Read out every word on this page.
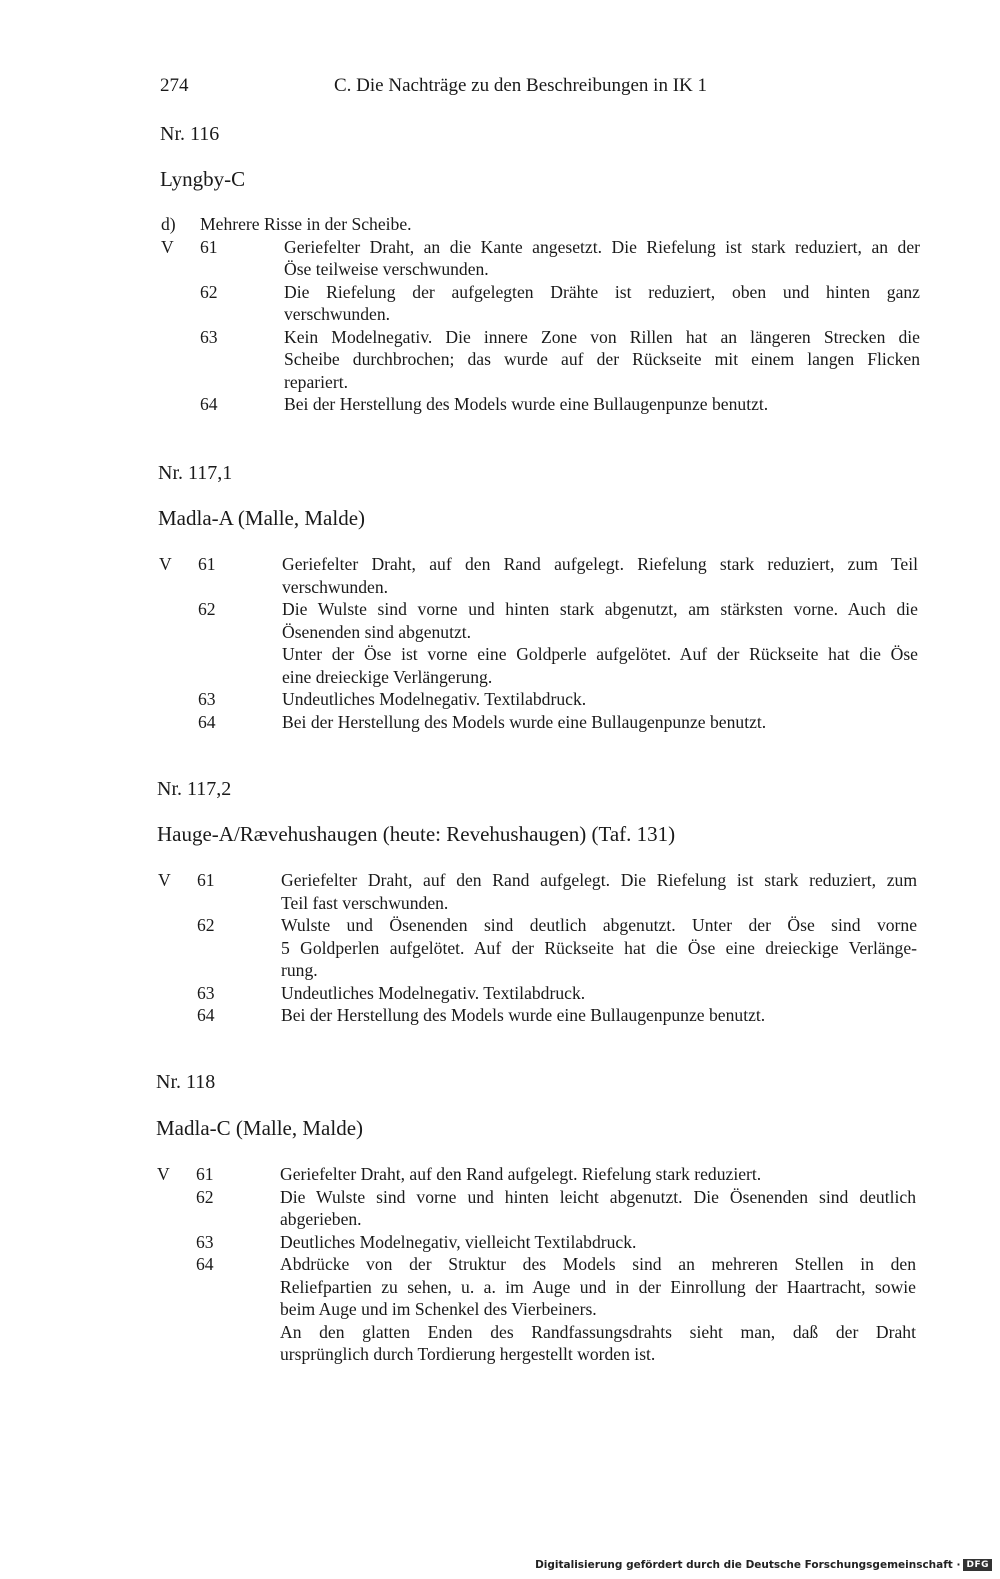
274	C. Die Nachträge zu den Beschreibungen in IK 1
Nr. 116
Lyngby-C
d) Mehrere Risse in der Scheibe.
V 61	Geriefelter Draht, an die Kante angesetzt. Die Riefelung ist stark reduziert, an der
Öse teilweise verschwunden.
62	Die Riefelung der aufgelegten Drähte ist reduziert, oben und hinten ganz
verschwunden.
63	Kein Modelnegativ. Die innere Zone von Rillen hat an längeren Strecken die
Scheibe durchbrochen; das wurde auf der Rückseite mit einem langen Flicken
repariert.
64	Bei der Herstellung des Models wurde eine Bullaugenpunze benutzt.
Nr. 117,1
Madla-A (Malle, Malde)
V 61	Geriefelter Draht, auf den Rand aufgelegt. Riefelung stark reduziert, zum Teil
verschwunden.
62	Die Wulste sind vorne und hinten stark abgenutzt, am stärksten vorne. Auch die
Ösenenden sind abgenutzt.
Unter der Öse ist vorne eine Goldperle aufgelötet. Auf der Rückseite hat die Öse
eine dreieckige Verlängerung.
63	Undeutliches Modelnegativ. Textilabdruck.
64	Bei der Herstellung des Models wurde eine Bullaugenpunze benutzt.
Nr. 117,2
Hauge-A/Rævehushaugen (heute: Revehushaugen) (Taf. 131)
V 61	Geriefelter Draht, auf den Rand aufgelegt. Die Riefelung ist stark reduziert, zum
Teil fast verschwunden.
62	Wulste und Ösenenden sind deutlich abgenutzt. Unter der Öse sind vorne
5 Goldperlen aufgelötet. Auf der Rückseite hat die Öse eine dreieckige Verlänge-
rung.
63	Undeutliches Modelnegativ. Textilabdruck.
64	Bei der Herstellung des Models wurde eine Bullaugenpunze benutzt.
Nr. 118
Madla-C (Malle, Malde)
V 61	Geriefelter Draht, auf den Rand aufgelegt. Riefelung stark reduziert.
62	Die Wulste sind vorne und hinten leicht abgenutzt. Die Ösenenden sind deutlich
abgerieben.
63	Deutliches Modelnegativ, vielleicht Textilabdruck.
64	Abdrücke von der Struktur des Models sind an mehreren Stellen in den
Reliefpartien zu sehen, u. a. im Auge und in der Einrollung der Haartracht, sowie
beim Auge und im Schenkel des Vierbeiners.
An den glatten Enden des Randfassungsdrahts sieht man, daß der Draht
ursprünglich durch Tordierung hergestellt worden ist.
Digitalisierung gefördert durch die Deutsche Forschungsgemeinschaft · DFG
